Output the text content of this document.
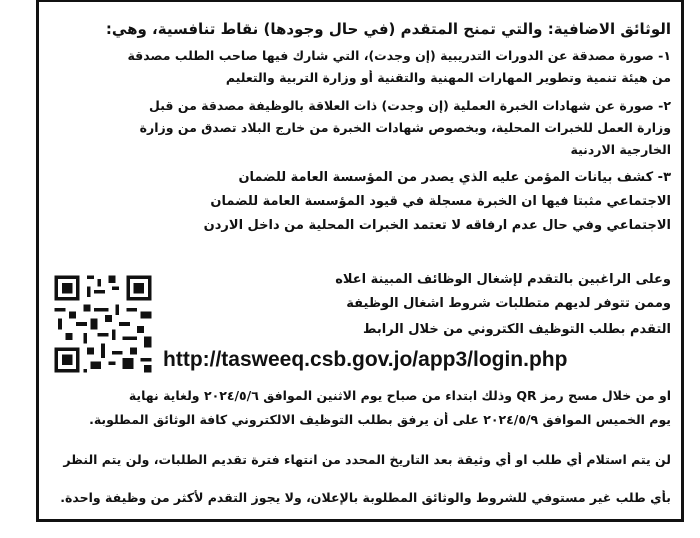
الوثائق الاضافية: والتي تمنح المتقدم (في حال وجودها) نقاط تنافسية، وهي:
١- صورة مصدقة عن الدورات التدريبية (إن وجدت)، التي شارك فيها صاحب الطلب مصدقة
من هيئة تنمية وتطوير المهارات المهنية والتقنية أو وزارة التربية والتعليم
٢- صورة عن شهادات الخبرة العملية (إن وجدت) ذات العلاقة بالوظيفة مصدقة من قبل
وزارة العمل للخبرات المحلية، وبخصوص شهادات الخبرة من خارج البلاد تصدق من وزارة
الخارجية الاردنية
٣- كشف بيانات المؤمن عليه الذي يصدر من المؤسسة العامة للضمان
الاجتماعي مثبتا فيها ان الخبرة مسجلة في قيود المؤسسة العامة للضمان
الاجتماعي وفي حال عدم ارفاقه لا تعتمد الخبرات المحلية من داخل الاردن
وعلى الراغبين بالتقدم لإشغال الوظائف المبينة اعلاه
وممن تتوفر لديهم متطلبات شروط اشغال الوظيفة
التقدم بطلب التوظيف الكتروني من خلال الرابط
http://tasweeq.csb.gov.jo/app3/login.php
او من خلال مسح رمز QR وذلك ابتداء من صباح يوم الاثنين الموافق ٢٠٢٤/٥/٦ ولغاية نهاية
يوم الخميس الموافق ٢٠٢٤/٥/٩ على أن يرفق بطلب التوظيف الالكتروني كافة الوثائق المطلوبة.
لن يتم استلام أي طلب او أي وثيقة بعد التاريخ المحدد من انتهاء فترة تقديم الطلبات، ولن يتم النظر
بأي طلب غير مستوفي للشروط والوثائق المطلوبة بالإعلان، ولا يجوز التقدم لأكثر من وظيفة واحدة.
